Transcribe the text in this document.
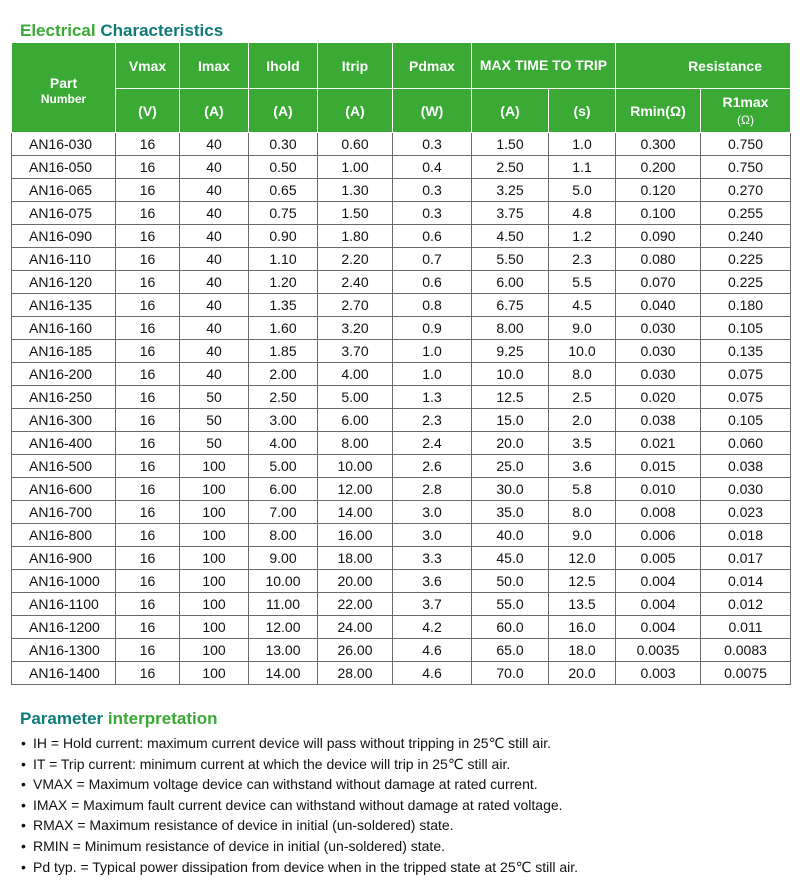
Electrical Characteristics
Part
Number	Vmax	Imax	Ihold	Itrip	Pdmax	MAX TIME TO TRIP		Resistance	
	(V)	(A)	(A)	(A)	(W)	(A)	(s)	Rmin(Ω)	R1max
(Ω)

AN16-030	16	40	0.30	0.60	0.3	1.50	1.0	0.300	0.750
AN16-050	16	40	0.50	1.00	0.4	2.50	1.1	0.200	0.750
AN16-065	16	40	0.65	1.30	0.3	3.25	5.0	0.120	0.270
AN16-075	16	40	0.75	1.50	0.3	3.75	4.8	0.100	0.255
AN16-090	16	40	0.90	1.80	0.6	4.50	1.2	0.090	0.240
AN16-110	16	40	1.10	2.20	0.7	5.50	2.3	0.080	0.225
AN16-120	16	40	1.20	2.40	0.6	6.00	5.5	0.070	0.225
AN16-135	16	40	1.35	2.70	0.8	6.75	4.5	0.040	0.180
AN16-160	16	40	1.60	3.20	0.9	8.00	9.0	0.030	0.105
AN16-185	16	40	1.85	3.70	1.0	9.25	10.0	0.030	0.135
AN16-200	16	40	2.00	4.00	1.0	10.0	8.0	0.030	0.075
AN16-250	16	50	2.50	5.00	1.3	12.5	2.5	0.020	0.075
AN16-300	16	50	3.00	6.00	2.3	15.0	2.0	0.038	0.105
AN16-400	16	50	4.00	8.00	2.4	20.0	3.5	0.021	0.060
AN16-500	16	100	5.00	10.00	2.6	25.0	3.6	0.015	0.038
AN16-600	16	100	6.00	12.00	2.8	30.0	5.8	0.010	0.030
AN16-700	16	100	7.00	14.00	3.0	35.0	8.0	0.008	0.023
AN16-800	16	100	8.00	16.00	3.0	40.0	9.0	0.006	0.018
AN16-900	16	100	9.00	18.00	3.3	45.0	12.0	0.005	0.017
AN16-1000	16	100	10.00	20.00	3.6	50.0	12.5	0.004	0.014
AN16-1100	16	100	11.00	22.00	3.7	55.0	13.5	0.004	0.012
AN16-1200	16	100	12.00	24.00	4.2	60.0	16.0	0.004	0.011
AN16-1300	16	100	13.00	26.00	4.6	65.0	18.0	0.0035	0.0083
AN16-1400	16	100	14.00	28.00	4.6	70.0	20.0	0.003	0.0075
Parameter interpretation
• IH = Hold current: maximum current device will pass without tripping in 25℃ still air.
• IT = Trip current: minimum current at which the device will trip in 25℃ still air.
• VMAX = Maximum voltage device can withstand without damage at rated current.
• IMAX = Maximum fault current device can withstand without damage at rated voltage.
• RMAX = Maximum resistance of device in initial (un-soldered) state.
• RMIN = Minimum resistance of device in initial (un-soldered) state.
• Pd typ. = Typical power dissipation from device when in the tripped state at 25℃ still air.
